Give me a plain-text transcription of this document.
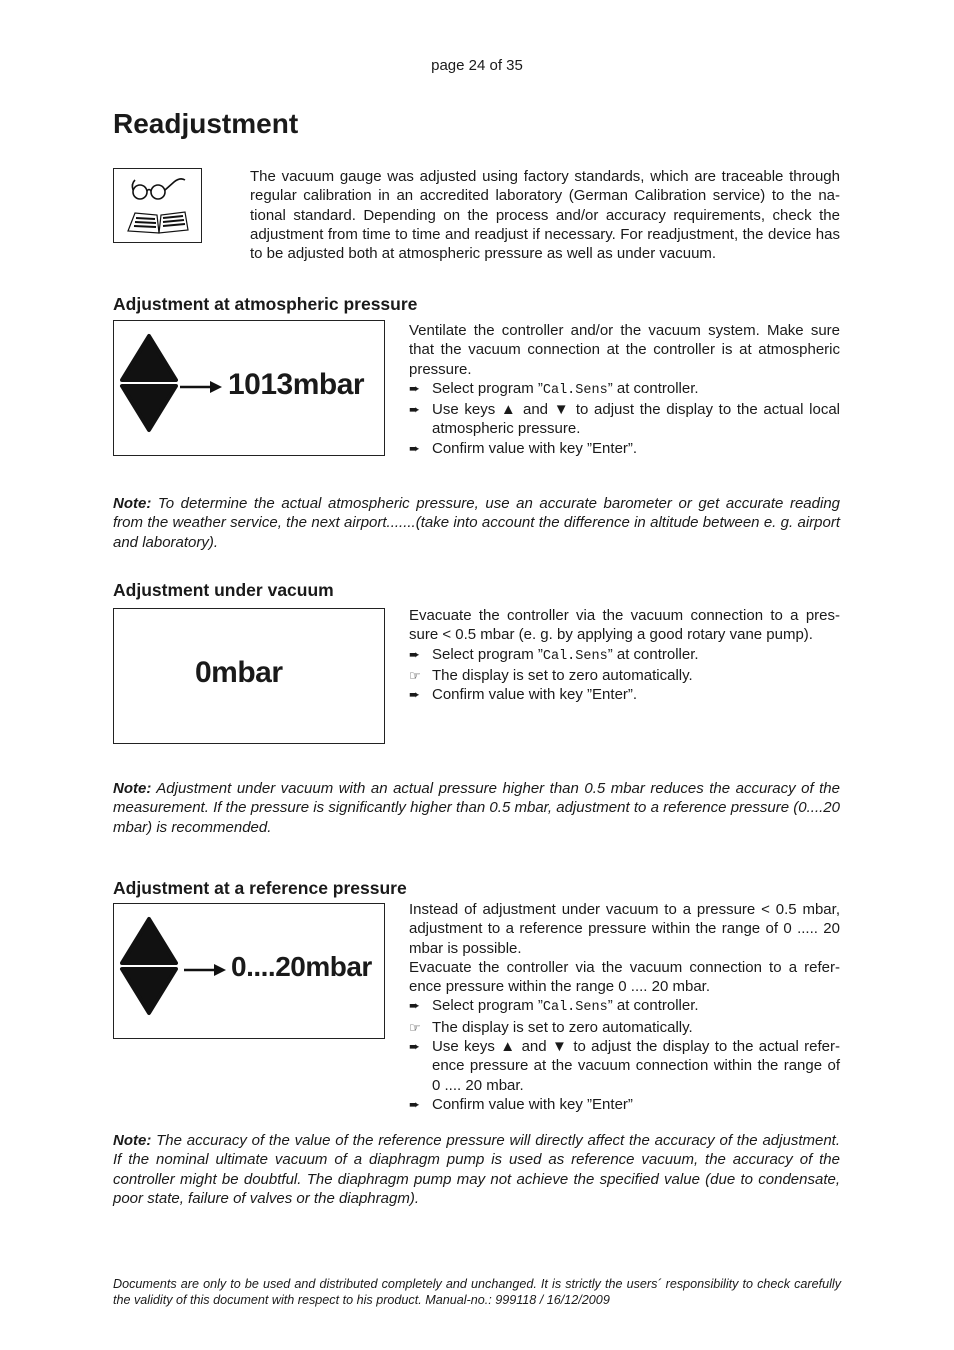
page 24 of 35
Readjustment
The vacuum gauge was adjusted using factory standards, which are traceable through regular calibration in an accredited laboratory (German Calibration service) to the na-tional standard. Depending on the process and/or accuracy requirements, check the adjustment from time to time and readjust if necessary. For readjustment, the device has to be adjusted both at atmospheric pressure as well as under vacuum.
Adjustment at atmospheric pressure
1013mbar
Ventilate the controller and/or the vacuum system. Make sure that the vacuum connection at the controller is at atmospheric pressure.
➨ Select program ”Cal.Sens” at controller.
➨ Use keys ▲ and ▼ to adjust the display to the actual local atmospheric pressure.
➨ Confirm value with key ”Enter”.
Note: To determine the actual atmospheric pressure, use an accurate barometer or get accurate reading from the weather service, the next airport.......(take into account the difference in altitude between e. g. airport and laboratory).
Adjustment under vacuum
0mbar
Evacuate the controller via the vacuum connection to a pres-sure < 0.5 mbar (e. g. by applying a good rotary vane pump).
➨ Select program ”Cal.Sens” at controller.
☞ The display is set to zero automatically.
➨ Confirm value with key ”Enter”.
Note: Adjustment under vacuum with an actual pressure higher than 0.5 mbar reduces the accuracy of the measurement. If the pressure is significantly higher than 0.5 mbar, adjustment to a reference pressure (0....20 mbar) is recommended.
Adjustment at a reference pressure
0....20mbar
Instead of adjustment under vacuum to a pressure < 0.5 mbar, adjustment to a reference pressure within the range of 0 ..... 20 mbar is possible.
Evacuate the controller via the vacuum connection to a refer-ence pressure within the range 0 .... 20 mbar.
➨ Select program ”Cal.Sens” at controller.
☞ The display is set to zero automatically.
➨ Use keys ▲ and ▼ to adjust the display to the actual refer-ence pressure at the vacuum connection within the range of 0 .... 20 mbar.
➨ Confirm value with key ”Enter”
Note: The accuracy of the value of the reference pressure will directly affect the accuracy of the adjustment. If the nominal ultimate vacuum of a diaphragm pump is used as reference vacuum, the accuracy of the controller might be doubtful. The diaphragm pump may not achieve the specified value (due to condensate, poor state, failure of valves or the diaphragm).
Documents are only to be used and distributed completely and unchanged. It is strictly the users´ responsibility to check carefully the validity of this document with respect to his product. Manual-no.: 999118 / 16/12/2009
